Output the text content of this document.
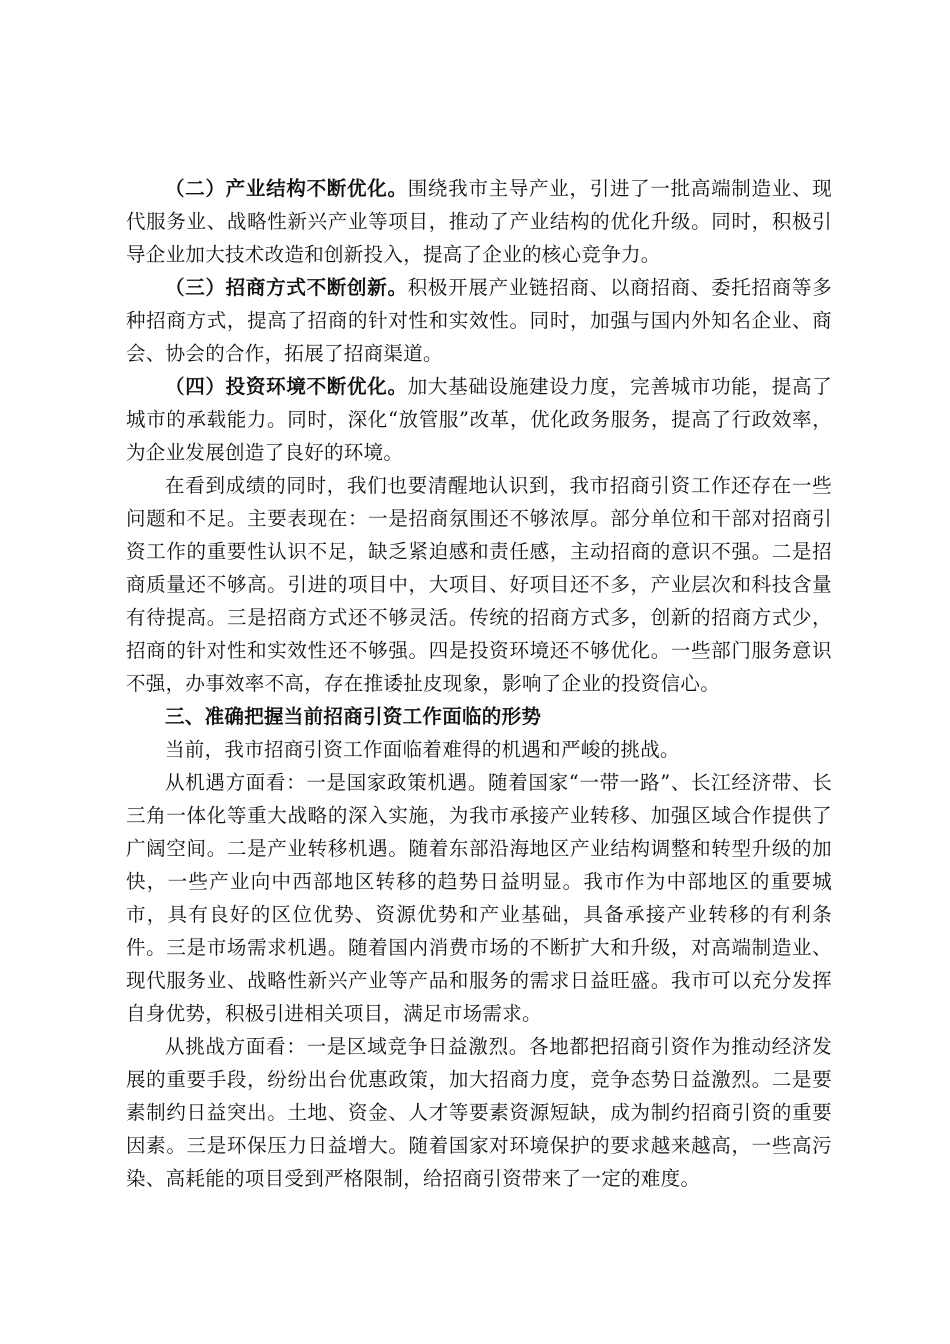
（二）产业结构不断优化。围绕我市主导产业，引进了一批高端制造业、现代服务业、战略性新兴产业等项目，推动了产业结构的优化升级。同时，积极引导企业加大技术改造和创新投入，提高了企业的核心竞争力。

（三）招商方式不断创新。积极开展产业链招商、以商招商、委托招商等多种招商方式，提高了招商的针对性和实效性。同时，加强与国内外知名企业、商会、协会的合作，拓展了招商渠道。

（四）投资环境不断优化。加大基础设施建设力度，完善城市功能，提高了城市的承载能力。同时，深化“放管服”改革，优化政务服务，提高了行政效率，为企业发展创造了良好的环境。

在看到成绩的同时，我们也要清醒地认识到，我市招商引资工作还存在一些问题和不足。主要表现在：一是招商氛围还不够浓厚。部分单位和干部对招商引资工作的重要性认识不足，缺乏紧迫感和责任感，主动招商的意识不强。二是招商质量还不够高。引进的项目中，大项目、好项目还不多，产业层次和科技含量有待提高。三是招商方式还不够灵活。传统的招商方式多，创新的招商方式少，招商的针对性和实效性还不够强。四是投资环境还不够优化。一些部门服务意识不强，办事效率不高，存在推诿扯皮现象，影响了企业的投资信心。

三、准确把握当前招商引资工作面临的形势

当前，我市招商引资工作面临着难得的机遇和严峻的挑战。

从机遇方面看：一是国家政策机遇。随着国家“一带一路”、长江经济带、长三角一体化等重大战略的深入实施，为我市承接产业转移、加强区域合作提供了广阔空间。二是产业转移机遇。随着东部沿海地区产业结构调整和转型升级的加快，一些产业向中西部地区转移的趋势日益明显。我市作为中部地区的重要城市，具有良好的区位优势、资源优势和产业基础，具备承接产业转移的有利条件。三是市场需求机遇。随着国内消费市场的不断扩大和升级，对高端制造业、现代服务业、战略性新兴产业等产品和服务的需求日益旺盛。我市可以充分发挥自身优势，积极引进相关项目，满足市场需求。

从挑战方面看：一是区域竞争日益激烈。各地都把招商引资作为推动经济发展的重要手段，纷纷出台优惠政策，加大招商力度，竞争态势日益激烈。二是要素制约日益突出。土地、资金、人才等要素资源短缺，成为制约招商引资的重要因素。三是环保压力日益增大。随着国家对环境保护的要求越来越高，一些高污染、高耗能的项目受到严格限制，给招商引资带来了一定的难度。
